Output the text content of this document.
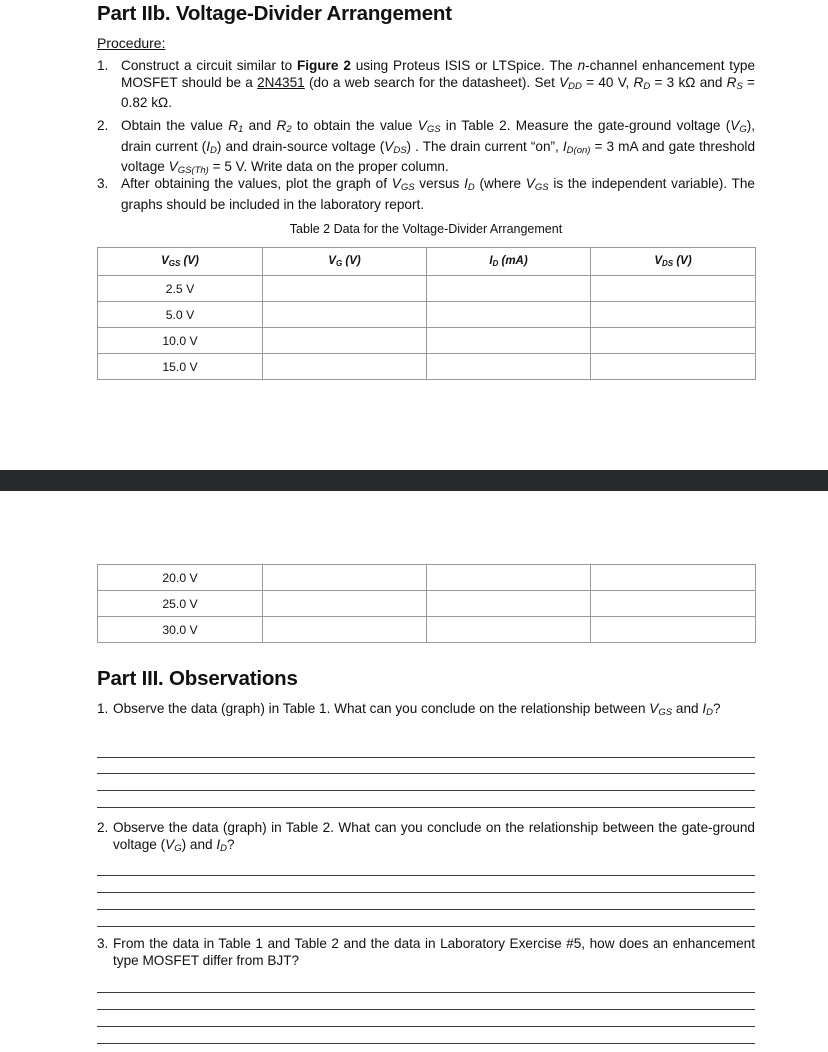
Part IIb. Voltage-Divider Arrangement
Procedure:
1. Construct a circuit similar to Figure 2 using Proteus ISIS or LTSpice. The n-channel enhancement type MOSFET should be a 2N4351 (do a web search for the datasheet). Set $V_{DD} = 40$ V, $R_D = 3$ kΩ and $R_S = 0.82$ kΩ.
2. Obtain the value $R_1$ and $R_2$ to obtain the value $V_{GS}$ in Table 2. Measure the gate-ground voltage $(V_G)$, drain current $(I_D)$ and drain-source voltage $(V_{DS})$ . The drain current “on”, $I_{D(on)} = 3$ mA and gate threshold voltage $V_{GS(Th)} = 5$ V. Write data on the proper column.
3. After obtaining the values, plot the graph of $V_{GS}$ versus $I_D$ (where $V_{GS}$ is the independent variable). The graphs should be included in the laboratory report.
Table 2 Data for the Voltage-Divider Arrangement
$V_{GS}$ (V)	$V_G$ (V)	$I_D$ (mA)	$V_{DS}$ (V)
2.5 V			
5.0 V			
10.0 V			
15.0 V			
20.0 V			
25.0 V			
30.0 V			
Part III. Observations
1. Observe the data (graph) in Table 1. What can you conclude on the relationship between $V_{GS}$ and $I_D$?
2. Observe the data (graph) in Table 2. What can you conclude on the relationship between the gate-ground voltage $(V_G)$ and $I_D$?
3. From the data in Table 1 and Table 2 and the data in Laboratory Exercise #5, how does an enhancement type MOSFET differ from BJT?
